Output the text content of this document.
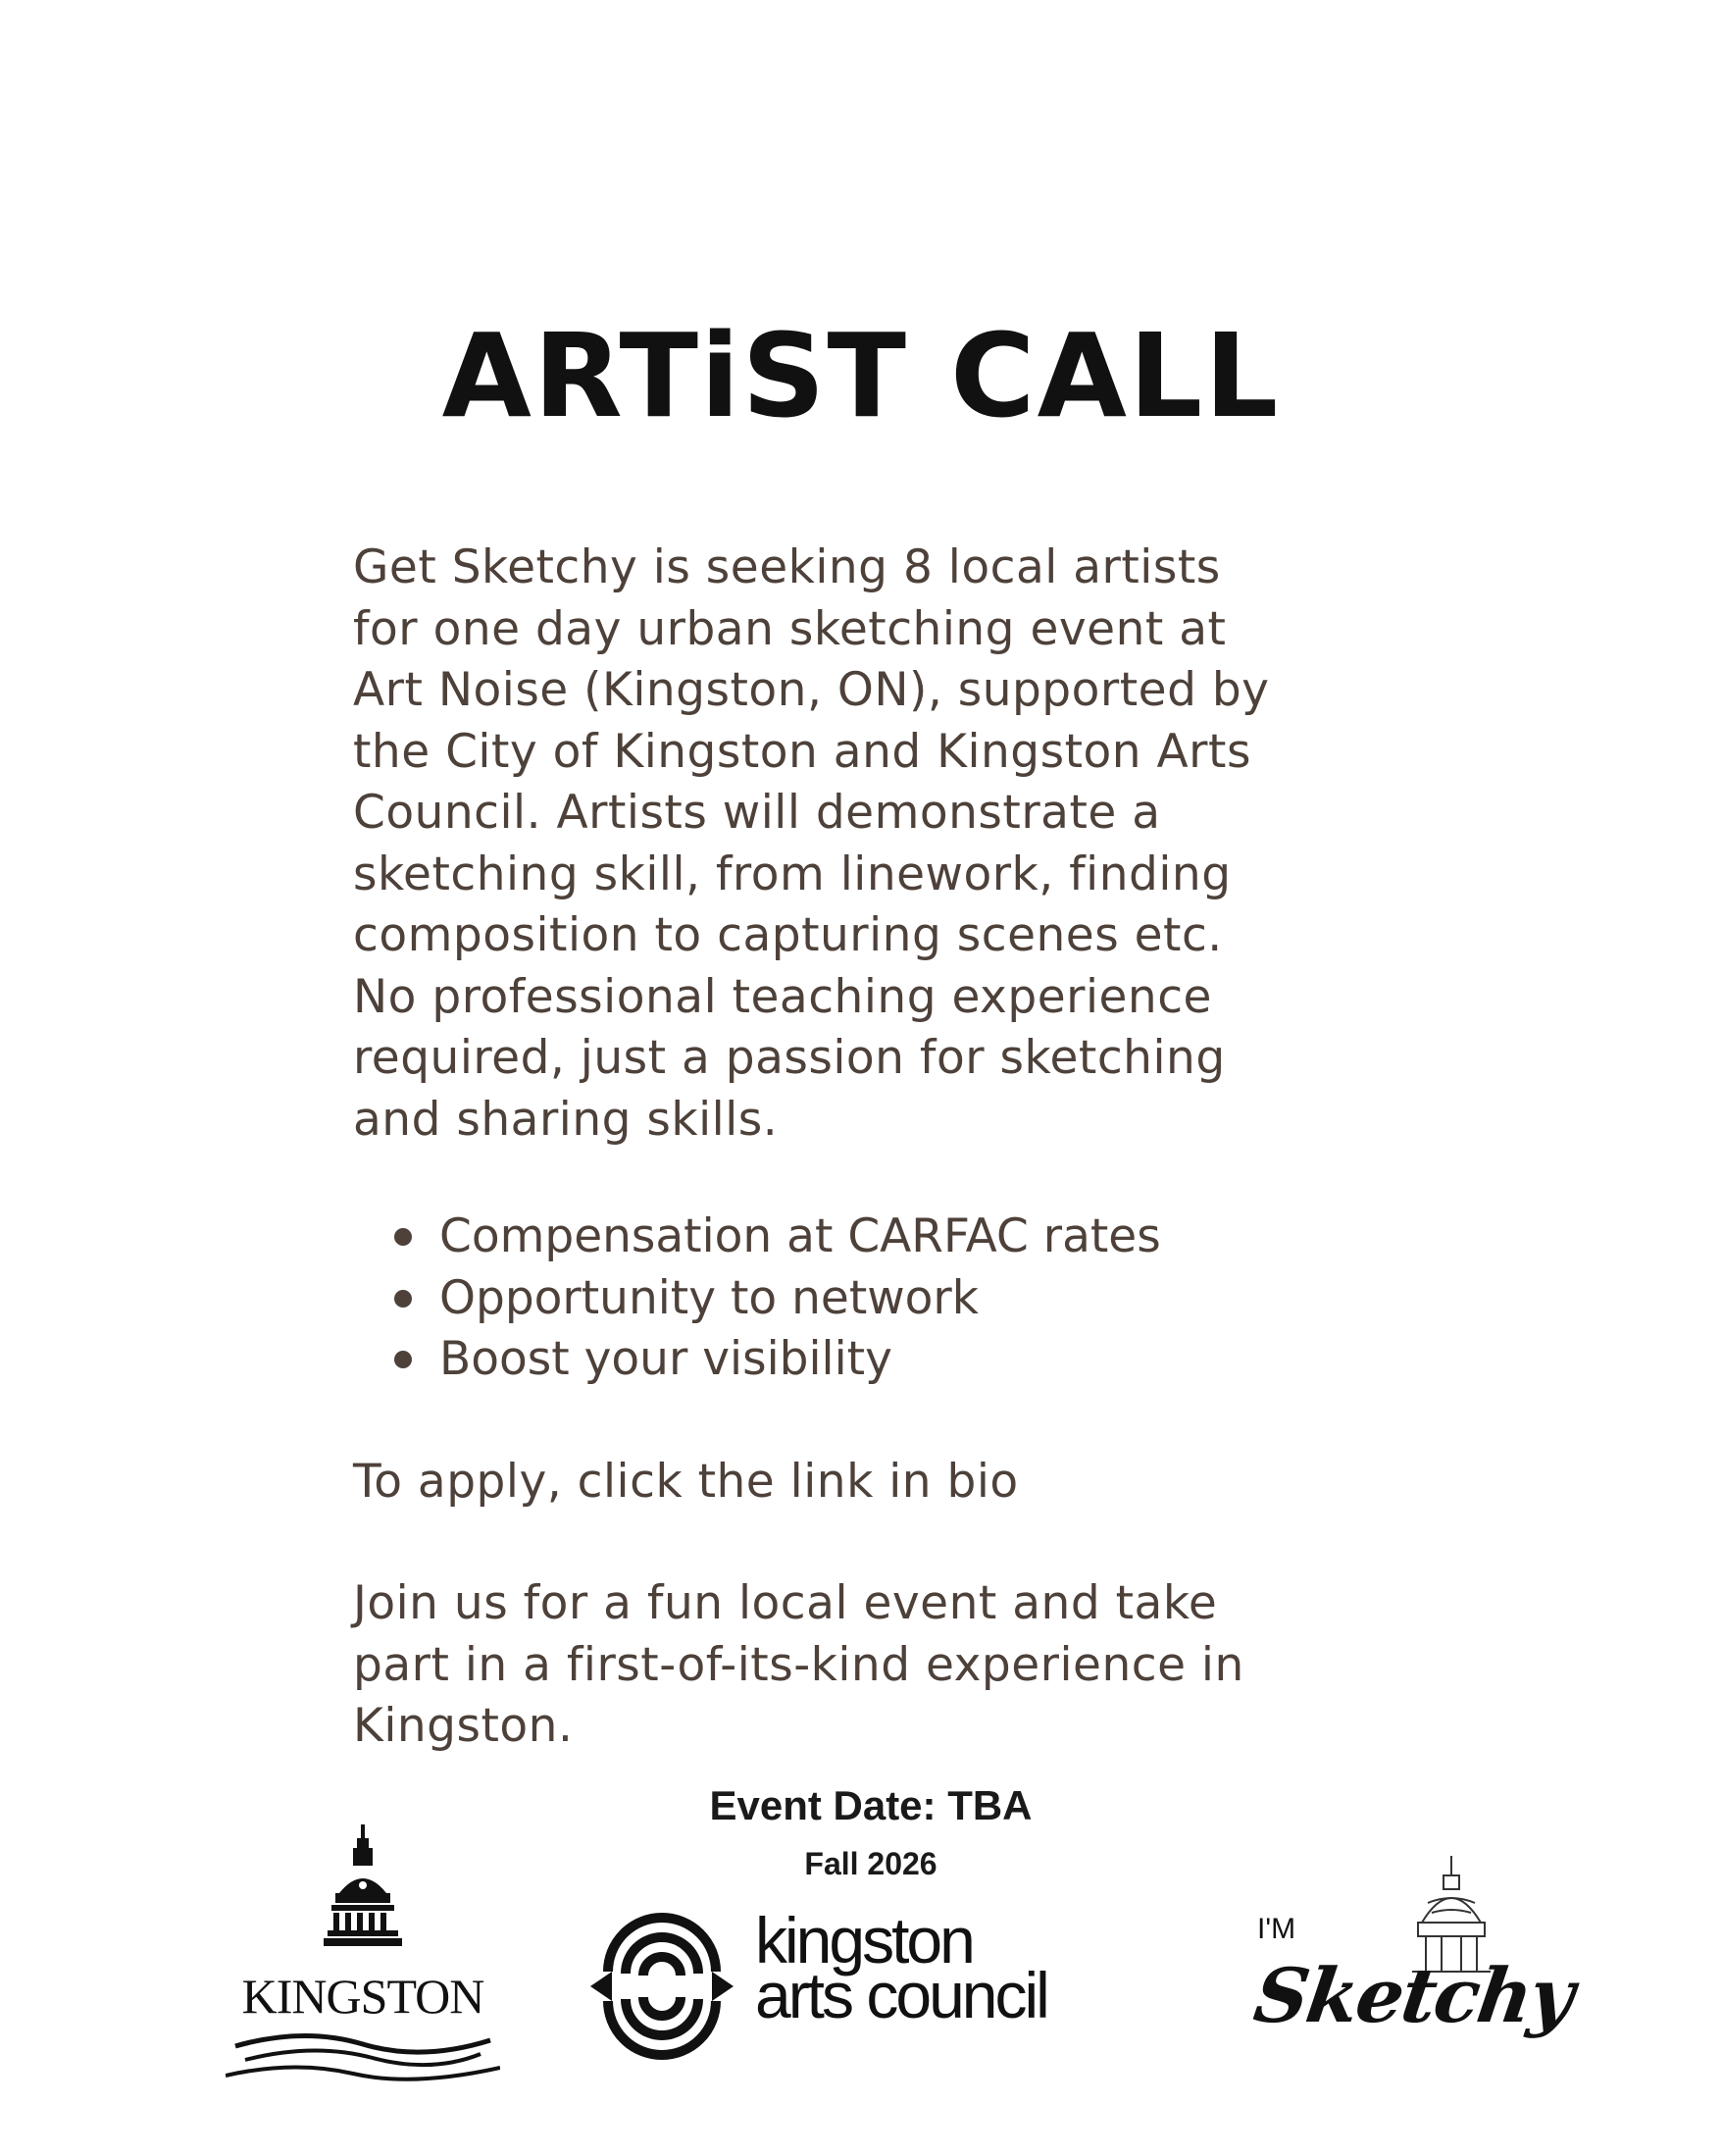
ARTiST CALL
Get Sketchy is seeking 8 local artists
for one day urban sketching event at
Art Noise (Kingston, ON), supported by
the City of Kingston and Kingston Arts
Council. Artists will demonstrate a
sketching skill, from linework, finding
composition to capturing scenes etc.
No professional teaching experience
required, just a passion for sketching
and sharing skills.
Compensation at CARFAC rates
Opportunity to network
Boost your visibility
To apply, click the link in bio
Join us for a fun local event and take
part in a first-of-its-kind experience in
Kingston.
Event Date: TBA
Fall 2026
KINGSTON
kingston
arts council
I'M
Sketchy
